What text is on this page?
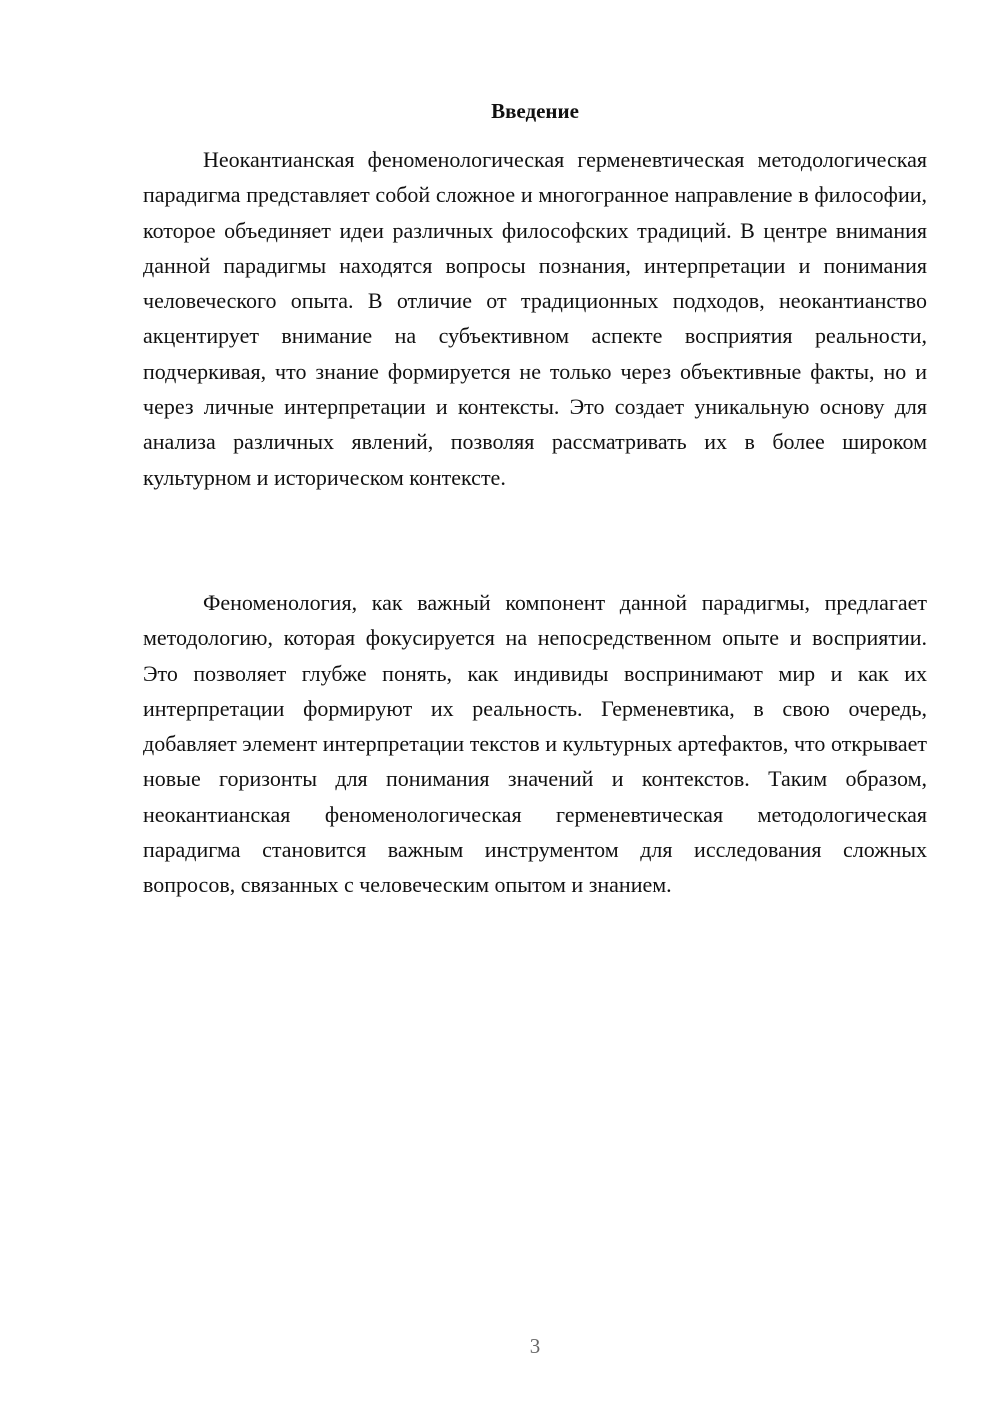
Введение

Неокантианская феноменологическая герменевтическая методологическая парадигма представляет собой сложное и многогранное направление в философии, которое объединяет идеи различных философских традиций. В центре внимания данной парадигмы находятся вопросы познания, интерпретации и понимания человеческого опыта. В отличие от традиционных подходов, неокантианство акцентирует внимание на субъективном аспекте восприятия реальности, подчеркивая, что знание формируется не только через объективные факты, но и через личные интерпретации и контексты. Это создает уникальную основу для анализа различных явлений, позволяя рассматривать их в более широком культурном и историческом контексте.

Феноменология, как важный компонент данной парадигмы, предлагает методологию, которая фокусируется на непосредственном опыте и восприятии. Это позволяет глубже понять, как индивиды воспринимают мир и как их интерпретации формируют их реальность. Герменевтика, в свою очередь, добавляет элемент интерпретации текстов и культурных артефактов, что открывает новые горизонты для понимания значений и контекстов. Таким образом, неокантианская феноменологическая герменевтическая методологическая парадигма становится важным инструментом для исследования сложных вопросов, связанных с человеческим опытом и знанием.

3
